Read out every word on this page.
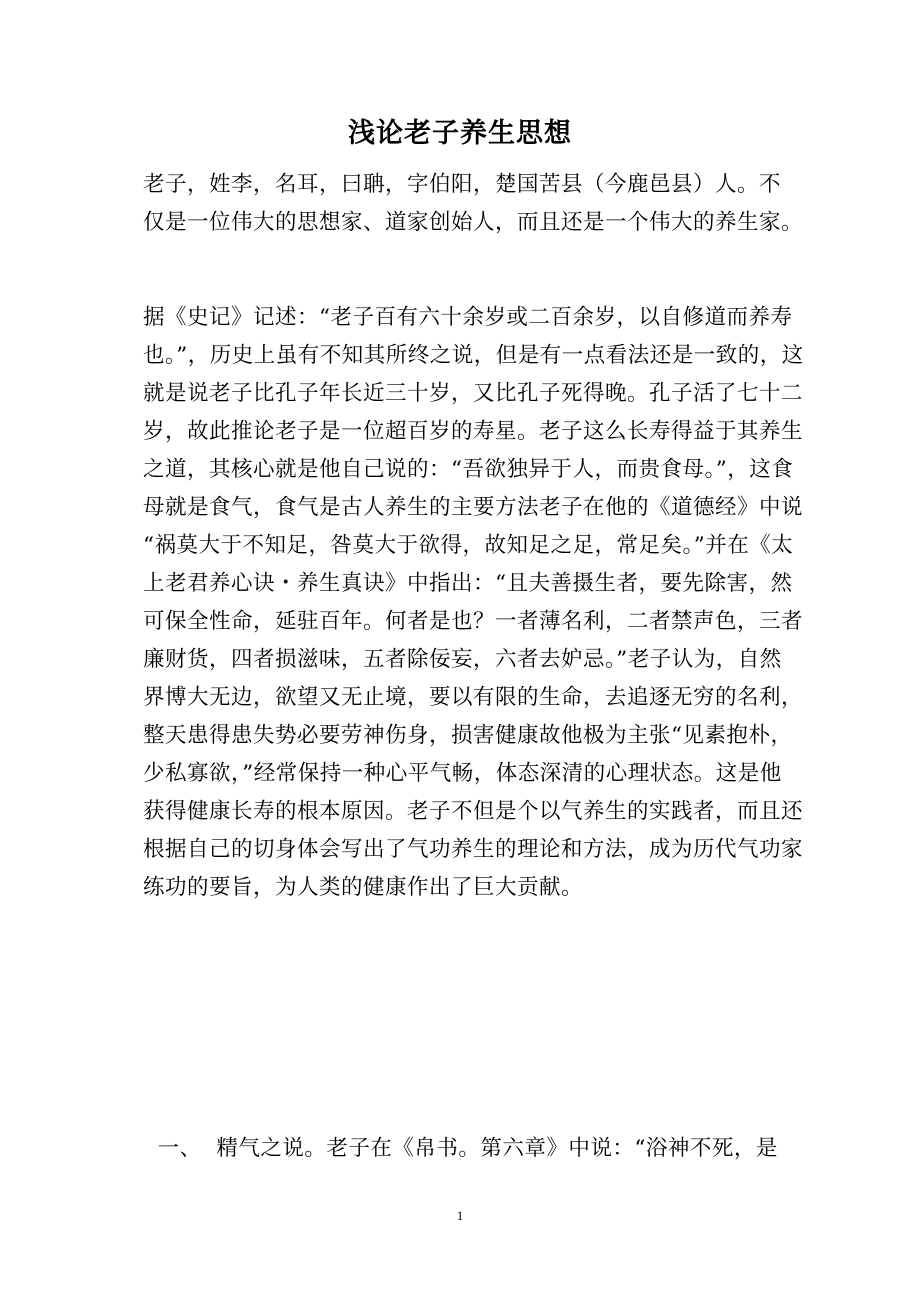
浅论老子养生思想

老子，姓李，名耳，曰聃，字伯阳，楚国苦县（今鹿邑县）人。不
仅是一位伟大的思想家、道家创始人，而且还是一个伟大的养生家。

据《史记》记述：“老子百有六十余岁或二百余岁，以自修道而养寿
也。”，历史上虽有不知其所终之说，但是有一点看法还是一致的，这
就是说老子比孔子年长近三十岁，又比孔子死得晚。孔子活了七十二
岁，故此推论老子是一位超百岁的寿星。老子这么长寿得益于其养生
之道，其核心就是他自己说的：“吾欲独异于人，而贵食母。”，这食
母就是食气，食气是古人养生的主要方法老子在他的《道德经》中说
“祸莫大于不知足，咎莫大于欲得，故知足之足，常足矣。”并在《太
上老君养心诀・养生真诀》中指出：“且夫善摄生者，要先除害，然
可保全性命，延驻百年。何者是也？一者薄名利，二者禁声色，三者
廉财货，四者损滋味，五者除佞妄，六者去妒忌。”老子认为，自然
界博大无边，欲望又无止境，要以有限的生命，去追逐无穷的名利，
整天患得患失势必要劳神伤身，损害健康故他极为主张“见素抱朴，
少私寡欲，”经常保持一种心平气畅，体态深清的心理状态。这是他
获得健康长寿的根本原因。老子不但是个以气养生的实践者，而且还
根据自己的切身体会写出了气功养生的理论和方法，成为历代气功家
练功的要旨，为人类的健康作出了巨大贡献。

一、  精气之说。老子在《帛书。第六章》中说：“浴神不死，是

1
